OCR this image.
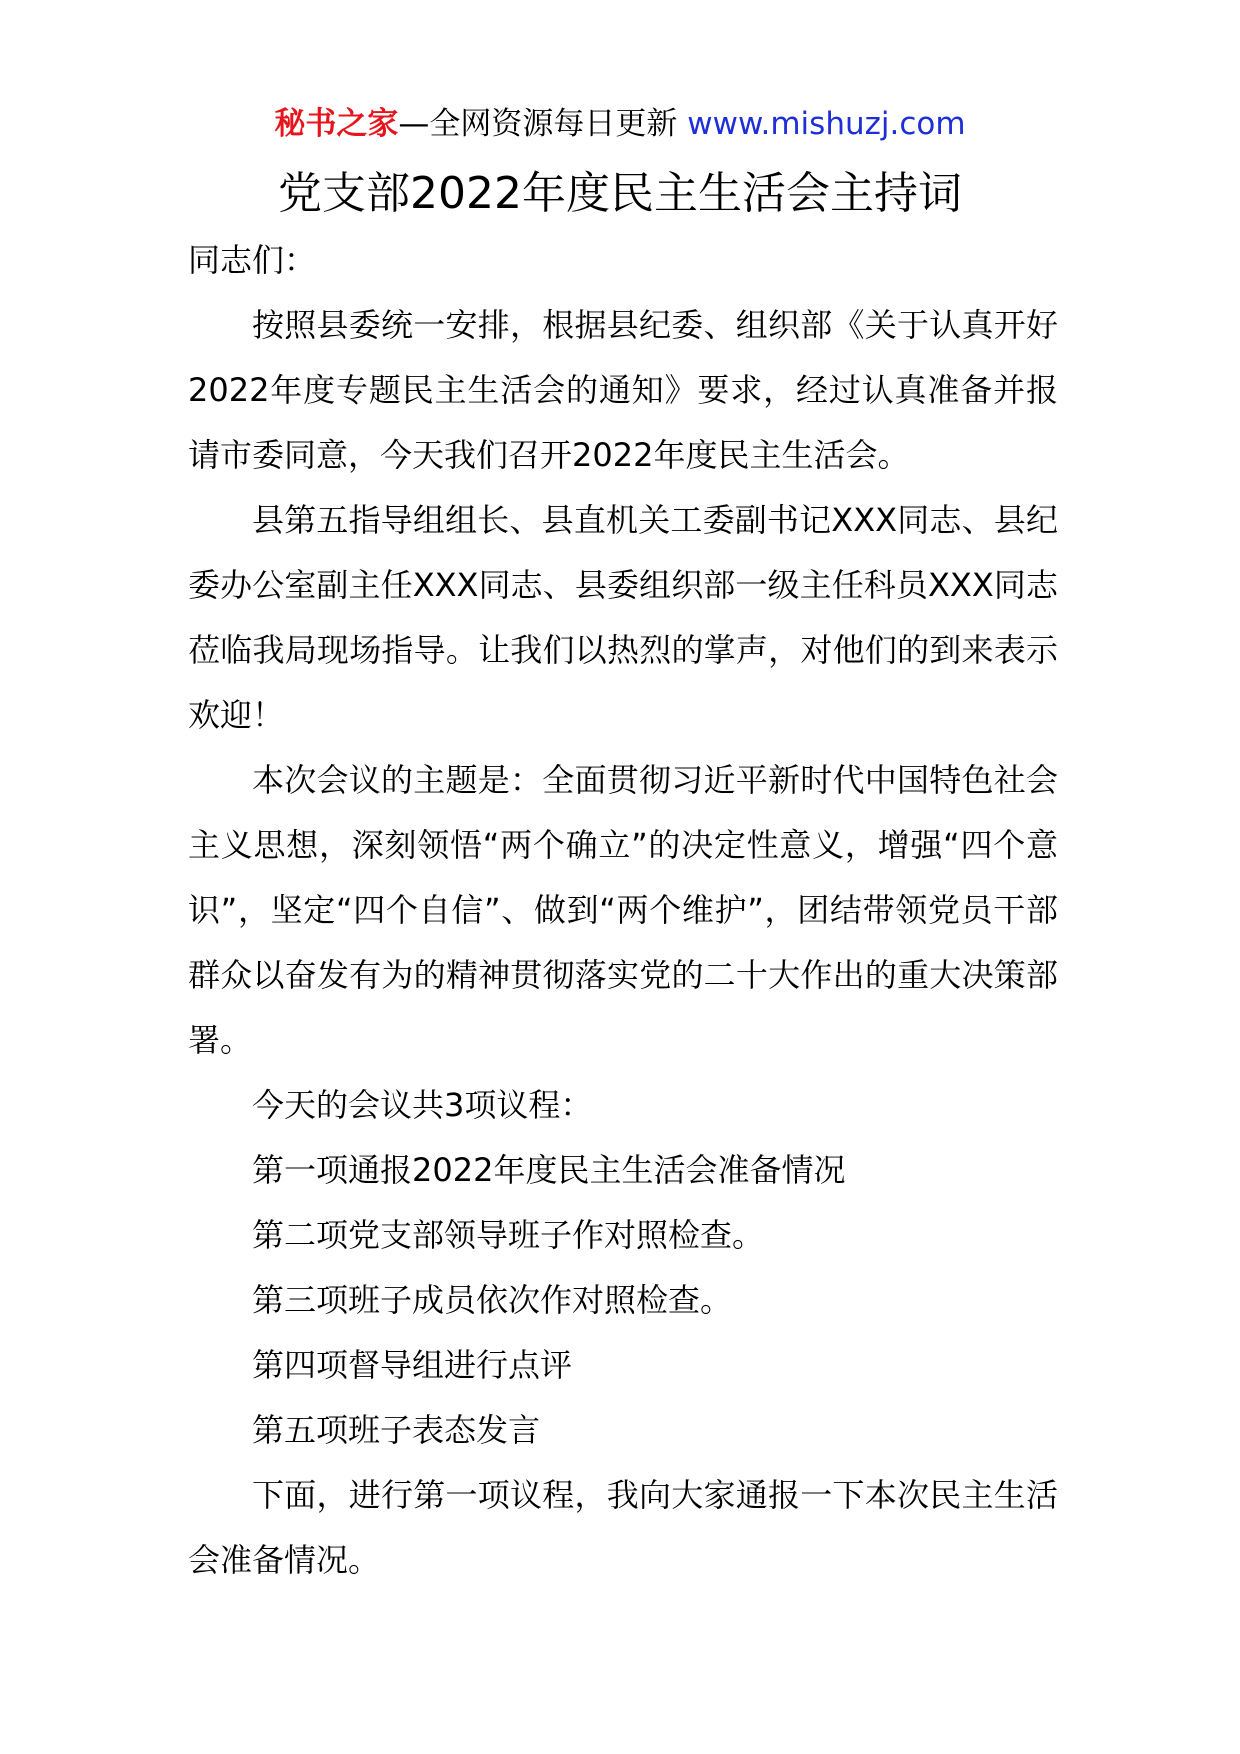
秘书之家—全网资源每日更新 www.mishuzj.com
党支部2022年度民主生活会主持词

同志们：

按照县委统一安排，根据县纪委、组织部《关于认真开好2022年度专题民主生活会的通知》要求，经过认真准备并报请市委同意，今天我们召开2022年度民主生活会。

县第五指导组组长、县直机关工委副书记XXX同志、县纪委办公室副主任XXX同志、县委组织部一级主任科员XXX同志莅临我局现场指导。让我们以热烈的掌声，对他们的到来表示欢迎！

本次会议的主题是：全面贯彻习近平新时代中国特色社会主义思想，深刻领悟“两个确立”的决定性意义，增强“四个意识”，坚定“四个自信”、做到“两个维护”，团结带领党员干部群众以奋发有为的精神贯彻落实党的二十大作出的重大决策部署。

今天的会议共3项议程：

第一项通报2022年度民主生活会准备情况

第二项党支部领导班子作对照检查。

第三项班子成员依次作对照检查。

第四项督导组进行点评

第五项班子表态发言

下面，进行第一项议程，我向大家通报一下本次民主生活会准备情况。
